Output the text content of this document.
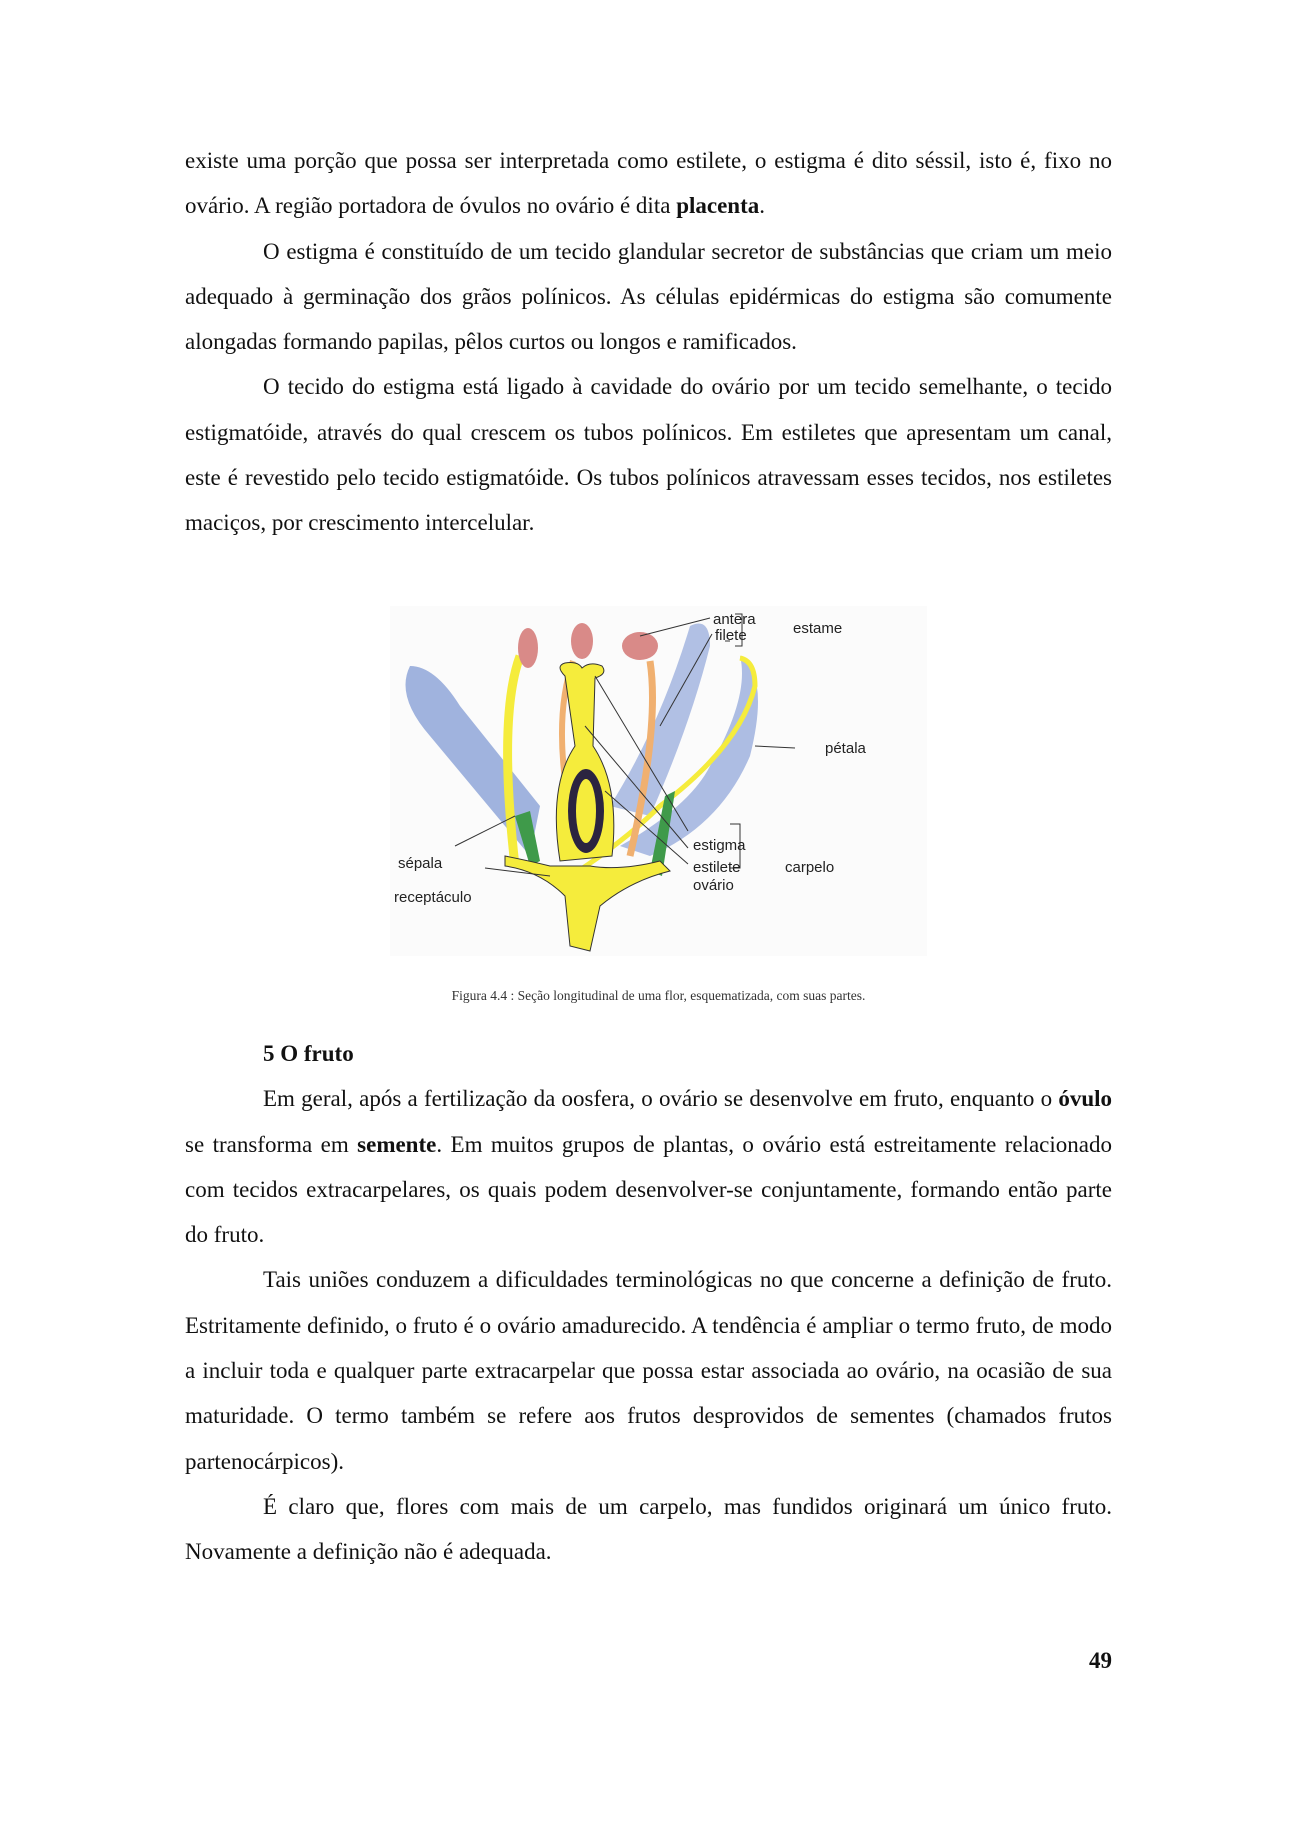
existe uma porção que possa ser interpretada como estilete, o estigma é dito séssil, isto é, fixo no ovário. A região portadora de óvulos no ovário é dita placenta.

O estigma é constituído de um tecido glandular secretor de substâncias que criam um meio adequado à germinação dos grãos polínicos. As células epidérmicas do estigma são comumente alongadas formando papilas, pêlos curtos ou longos e ramificados.

O tecido do estigma está ligado à cavidade do ovário por um tecido semelhante, o tecido estigmatóide, através do qual crescem os tubos polínicos. Em estiletes que apresentam um canal, este é revestido pelo tecido estigmatóide. Os tubos polínicos atravessam esses tecidos, nos estiletes maciços, por crescimento intercelular.

antera
filete	estame
pétala
estigma
estilete
ovário
carpelo
sépala
receptáculo
Figura 4.4 : Seção longitudinal de uma flor, esquematizada, com suas partes.

5 O fruto

Em geral, após a fertilização da oosfera, o ovário se desenvolve em fruto, enquanto o óvulo se transforma em semente. Em muitos grupos de plantas, o ovário está estreitamente relacionado com tecidos extracarpelares, os quais podem desenvolver-se conjuntamente, formando então parte do fruto.

Tais uniões conduzem a dificuldades terminológicas no que concerne a definição de fruto. Estritamente definido, o fruto é o ovário amadurecido. A tendência é ampliar o termo fruto, de modo a incluir toda e qualquer parte extracarpelar que possa estar associada ao ovário, na ocasião de sua maturidade. O termo também se refere aos frutos desprovidos de sementes (chamados frutos partenocárpicos).

É claro que, flores com mais de um carpelo, mas fundidos originará um único fruto. Novamente a definição não é adequada.

49
